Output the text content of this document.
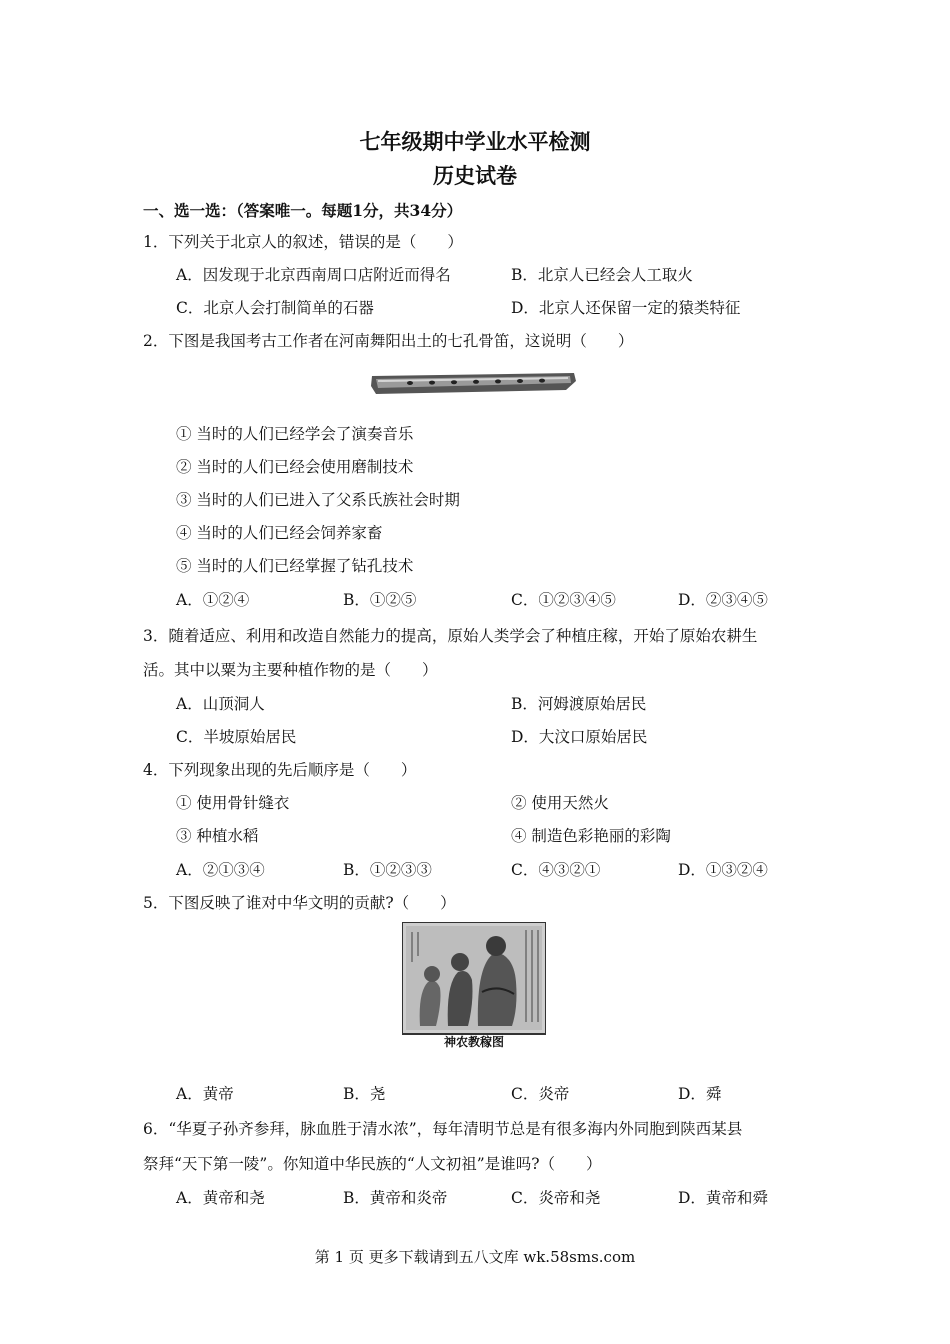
七年级期中学业水平检测
历史试卷
一、选一选：（答案唯一。每题1分，共34分）
1．下列关于北京人的叙述，错误的是（　　）
A．因发现于北京西南周口店附近而得名	B．北京人已经会人工取火
C．北京人会打制简单的石器	D．北京人还保留一定的猿类特征
2．下图是我国考古工作者在河南舞阳出土的七孔骨笛，这说明（　　）
① 当时的人们已经学会了演奏音乐
② 当时的人们已经会使用磨制技术
③ 当时的人们已进入了父系氏族社会时期
④ 当时的人们已经会饲养家畜
⑤ 当时的人们已经掌握了钻孔技术
A．①②④	B．①②⑤	C．①②③④⑤	D．②③④⑤
3．随着适应、利用和改造自然能力的提高，原始人类学会了种植庄稼，开始了原始农耕生
活。其中以粟为主要种植作物的是（　　）
A．山顶洞人	B．河姆渡原始居民
C．半坡原始居民	D．大汶口原始居民
4．下列现象出现的先后顺序是（　　）
① 使用骨针缝衣	② 使用天然火
③ 种植水稻	④ 制造色彩艳丽的彩陶
A．②①③④	B．①②③③	C．④③②①	D．①③②④
5．下图反映了谁对中华文明的贡献?（　　）
神农教稼图
A．黄帝	B．尧	C．炎帝	D．舜
6．“华夏子孙齐参拜，脉血胜于清水浓”，每年清明节总是有很多海内外同胞到陕西某县
祭拜“天下第一陵”。你知道中华民族的“人文初祖”是谁吗?（　　）
A．黄帝和尧	B．黄帝和炎帝	C．炎帝和尧	D．黄帝和舜
第 1 页 更多下载请到五八文库 wk.58sms.com
